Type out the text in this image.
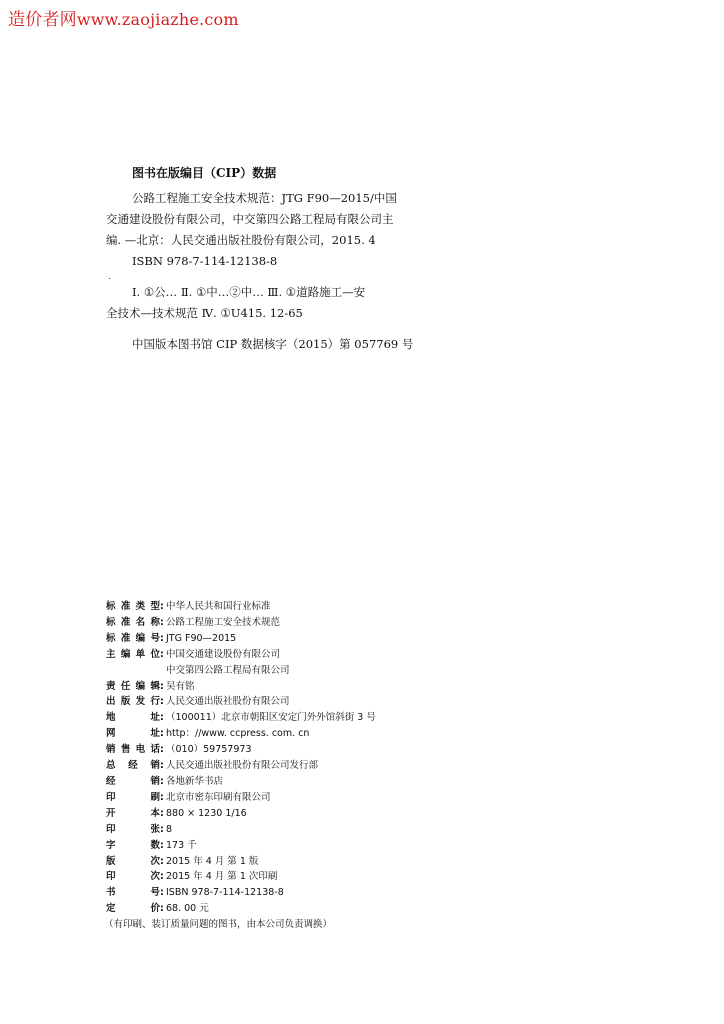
造价者网www.zaojiazhe.com
图书在版编目（CIP）数据

公路工程施工安全技术规范：JTG F90—2015/中国

交通建设股份有限公司，中交第四公路工程局有限公司主

编. —北京：人民交通出版社股份有限公司，2015. 4

ISBN 978-7-114-12138-8

.

Ⅰ. ①公… Ⅱ. ①中…②中… Ⅲ. ①道路施工—安

全技术—技术规范 Ⅳ. ①U415. 12-65

中国版本图书馆 CIP 数据核字（2015）第 057769 号

标准类型 : 中华人民共和国行业标准
标准名称 : 公路工程施工安全技术规范
标准编号 : JTG F90—2015
主编单位 : 中国交通建设股份有限公司
中交第四公路工程局有限公司
责任编辑 : 吴有铭
出版发行 : 人民交通出版社股份有限公司
地址 : （100011）北京市朝阳区安定门外外馆斜街 3 号
网址 : http：//www. ccpress. com. cn
销售电话 : （010）59757973
总经销 : 人民交通出版社股份有限公司发行部
经销 : 各地新华书店
印刷 : 北京市密东印刷有限公司
开本 : 880 × 1230 1/16
印张 : 8
字数 : 173 千
版次 : 2015 年 4 月 第 1 版
印次 : 2015 年 4 月 第 1 次印刷
书号 : ISBN 978-7-114-12138-8
定价 : 68. 00 元
（有印刷、装订质量问题的图书，由本公司负责调换）
